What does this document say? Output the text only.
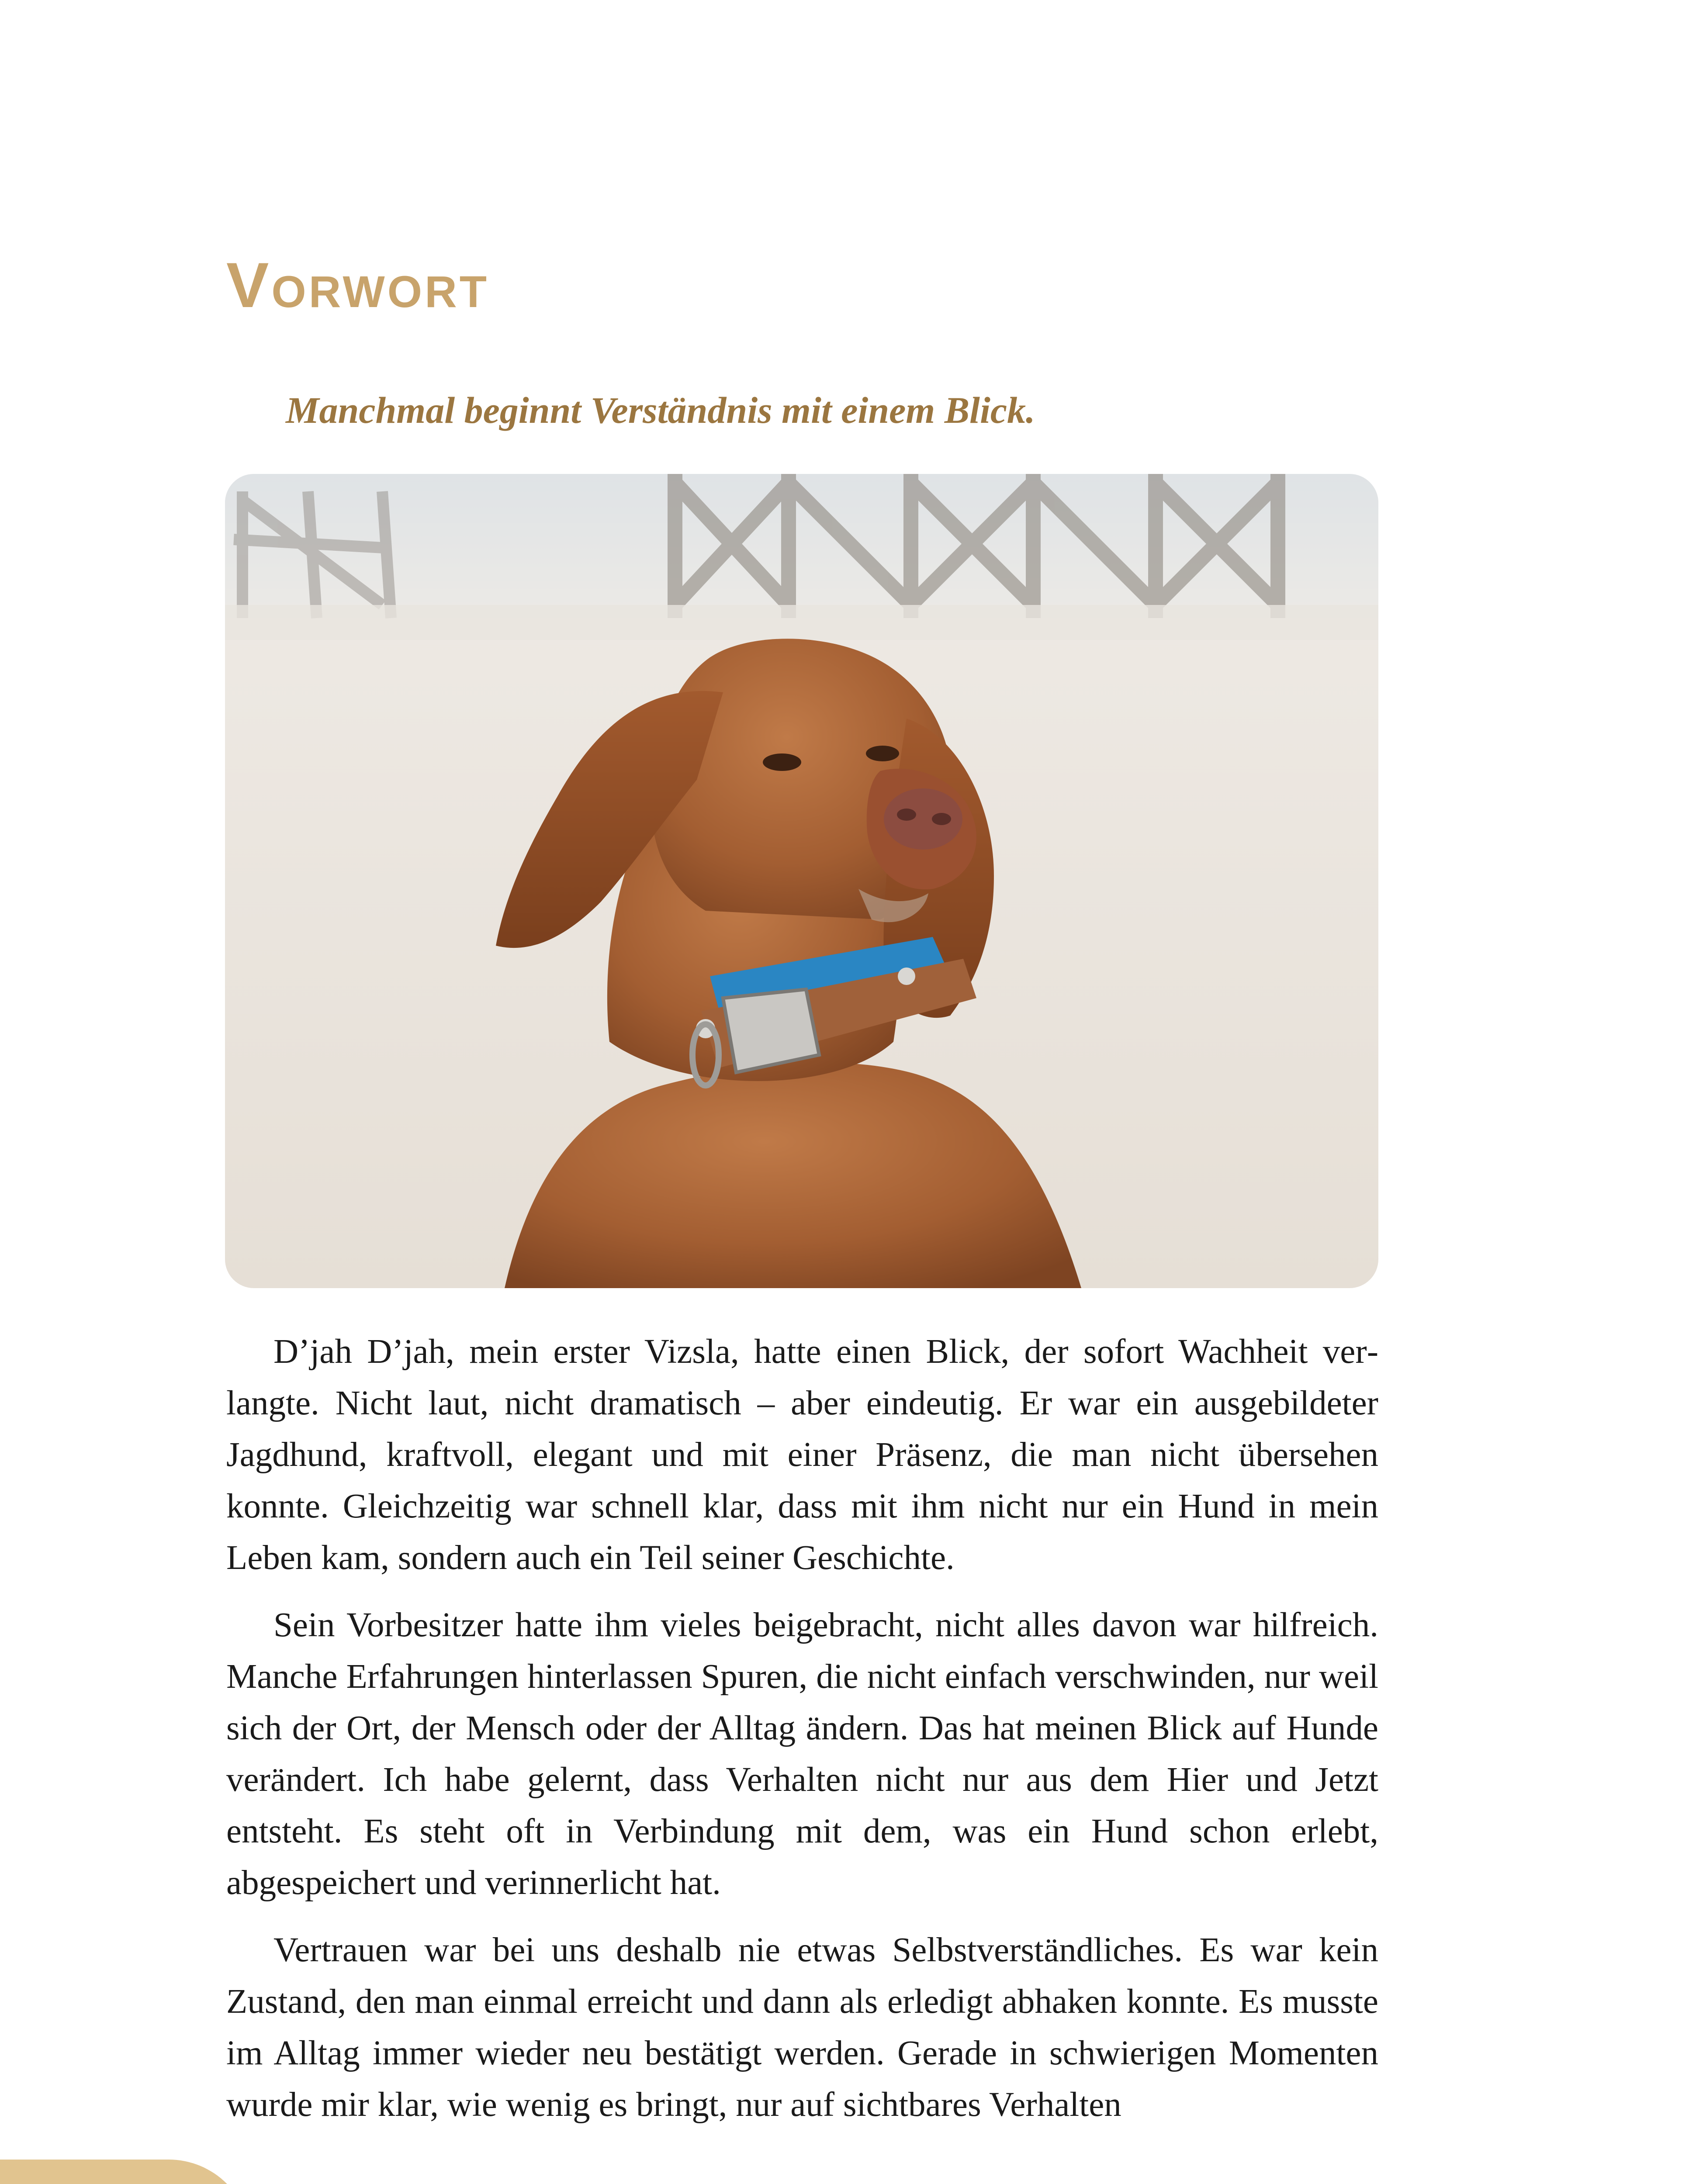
Vorwort

Manchmal beginnt Verständnis mit einem Blick.

D’jah D’jah, mein erster Vizsla, hatte einen Blick, der sofort Wachheit verlangte. Nicht laut, nicht dramatisch – aber eindeutig. Er war ein ausgebildeter Jagdhund, kraftvoll, elegant und mit einer Präsenz, die man nicht übersehen konnte. Gleichzeitig war schnell klar, dass mit ihm nicht nur ein Hund in mein Leben kam, sondern auch ein Teil seiner Geschichte.

Sein Vorbesitzer hatte ihm vieles beigebracht, nicht alles davon war hilfreich. Manche Erfahrungen hinterlassen Spuren, die nicht einfach verschwinden, nur weil sich der Ort, der Mensch oder der Alltag ändern. Das hat meinen Blick auf Hunde verändert. Ich habe gelernt, dass Verhalten nicht nur aus dem Hier und Jetzt entsteht. Es steht oft in Verbindung mit dem, was ein Hund schon erlebt, abgespeichert und verinnerlicht hat.

Vertrauen war bei uns deshalb nie etwas Selbstverständliches. Es war kein Zustand, den man einmal erreicht und dann als erledigt abhaken konnte. Es musste im Alltag immer wieder neu bestätigt werden. Gerade in schwierigen Momenten wurde mir klar, wie wenig es bringt, nur auf sichtbares Verhalten
